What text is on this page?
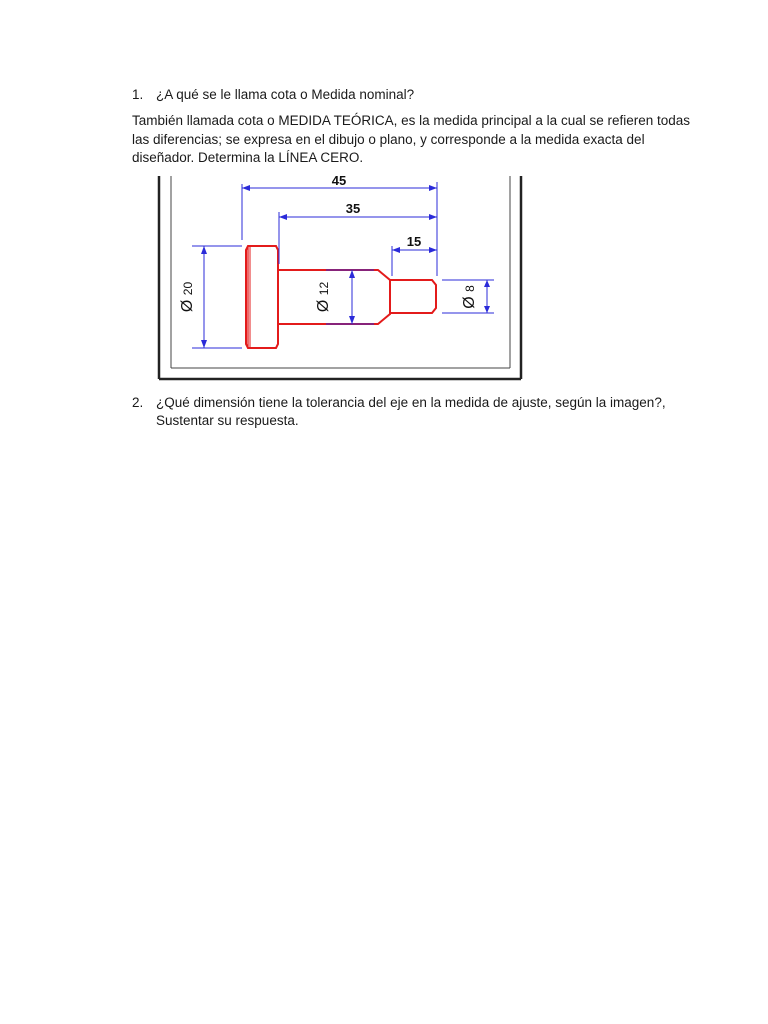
1. ¿A qué se le llama cota o Medida nominal?
También llamada cota o MEDIDA TEÓRICA, es la medida principal a la cual se refieren todas
las diferencias; se expresa en el dibujo o plano, y corresponde a la medida exacta del
diseñador. Determina la LÍNEA CERO.
45
35
15
Ø 20
Ø 12
Ø 8
2. ¿Qué dimensión tiene la tolerancia del eje en la medida de ajuste, según la imagen?,
Sustentar su respuesta.
